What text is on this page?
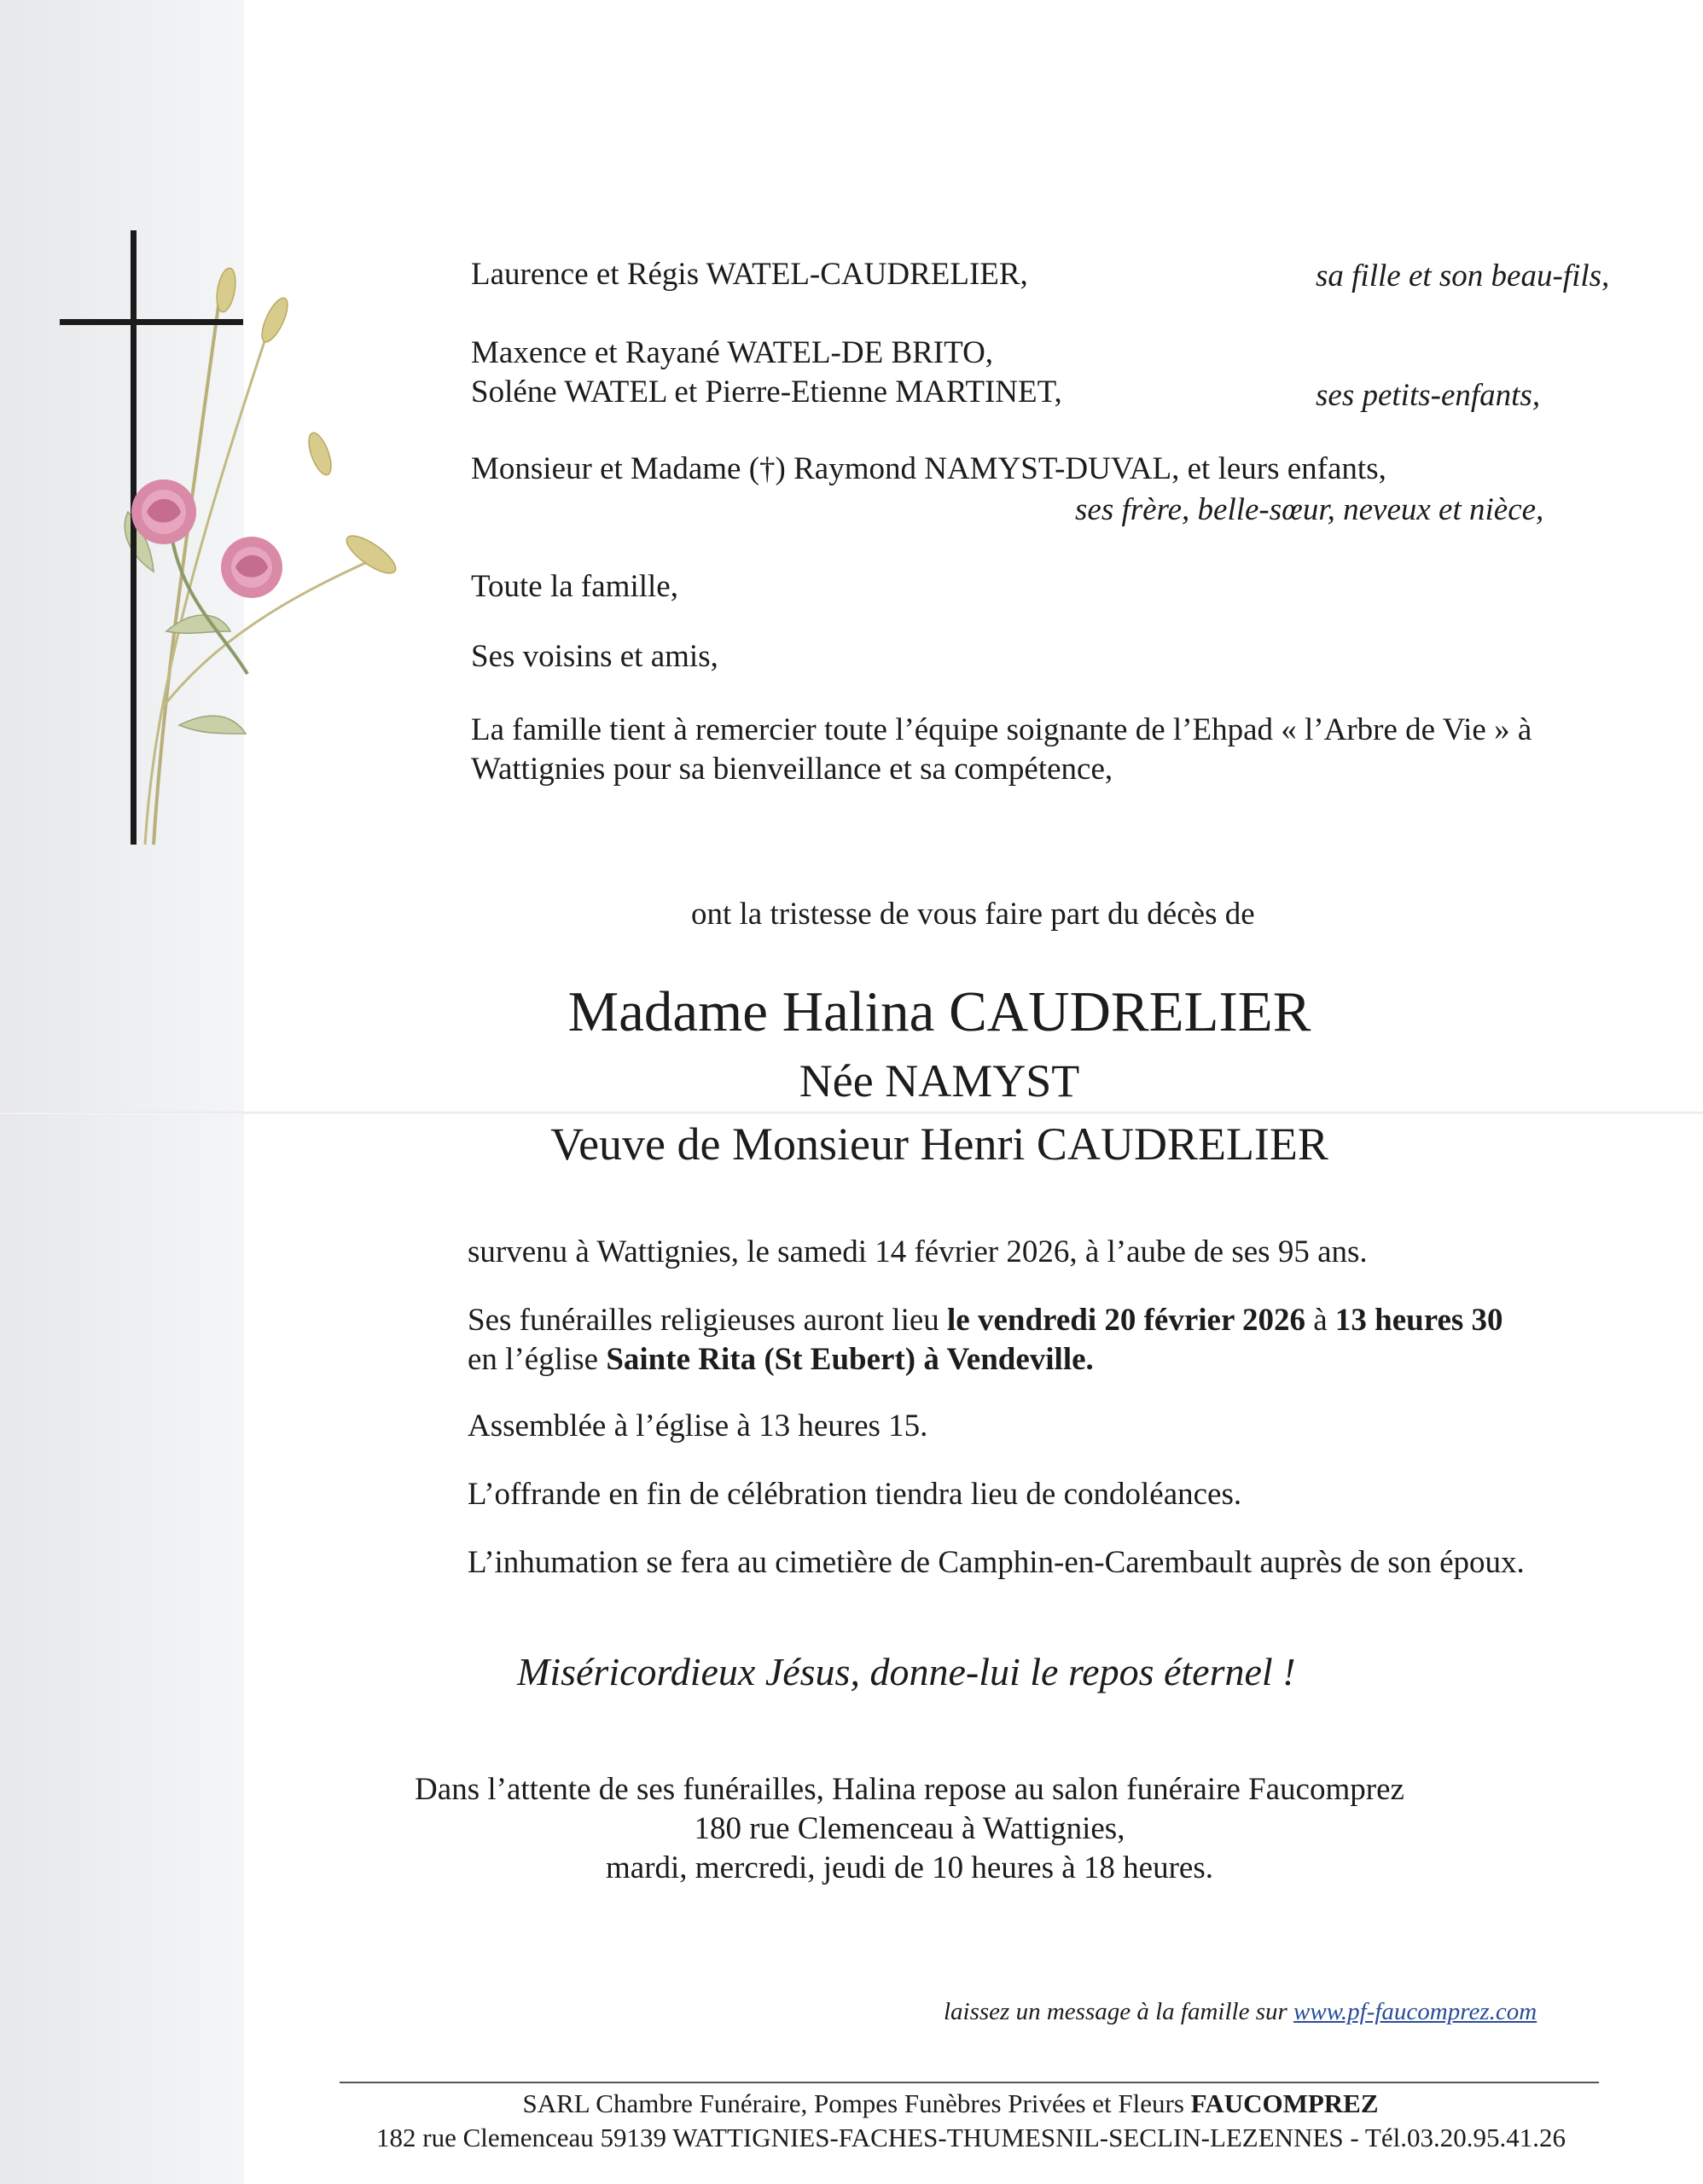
Laurence et Régis WATEL-CAUDRELIER,	sa fille et son beau-fils,
Maxence et Rayané WATEL-DE BRITO,
Soléne WATEL et Pierre-Etienne MARTINET,	ses petits-enfants,
Monsieur et Madame (†) Raymond NAMYST-DUVAL, et leurs enfants,
ses frère, belle-sœur, neveux et nièce,
Toute la famille,
Ses voisins et amis,
La famille tient à remercier toute l’équipe soignante de l’Ehpad « l’Arbre de Vie » à
Wattignies pour sa bienveillance et sa compétence,
ont la tristesse de vous faire part du décès de
Madame Halina CAUDRELIER
Née NAMYST
Veuve de Monsieur Henri CAUDRELIER
survenu à Wattignies, le samedi 14 février 2026, à l’aube de ses 95 ans.
Ses funérailles religieuses auront lieu le vendredi 20 février 2026 à 13 heures 30
en l’église Sainte Rita (St Eubert) à Vendeville.
Assemblée à l’église à 13 heures 15.
L’offrande en fin de célébration tiendra lieu de condoléances.
L’inhumation se fera au cimetière de Camphin-en-Carembault auprès de son époux.
Miséricordieux Jésus, donne-lui le repos éternel !
Dans l’attente de ses funérailles, Halina repose au salon funéraire Faucomprez
180 rue Clemenceau à Wattignies,
mardi, mercredi, jeudi de 10 heures à 18 heures.
laissez un message à la famille sur www.pf-faucomprez.com
SARL Chambre Funéraire, Pompes Funèbres Privées et Fleurs FAUCOMPREZ
182 rue Clemenceau 59139 WATTIGNIES-FACHES-THUMESNIL-SECLIN-LEZENNES - Tél.03.20.95.41.26
